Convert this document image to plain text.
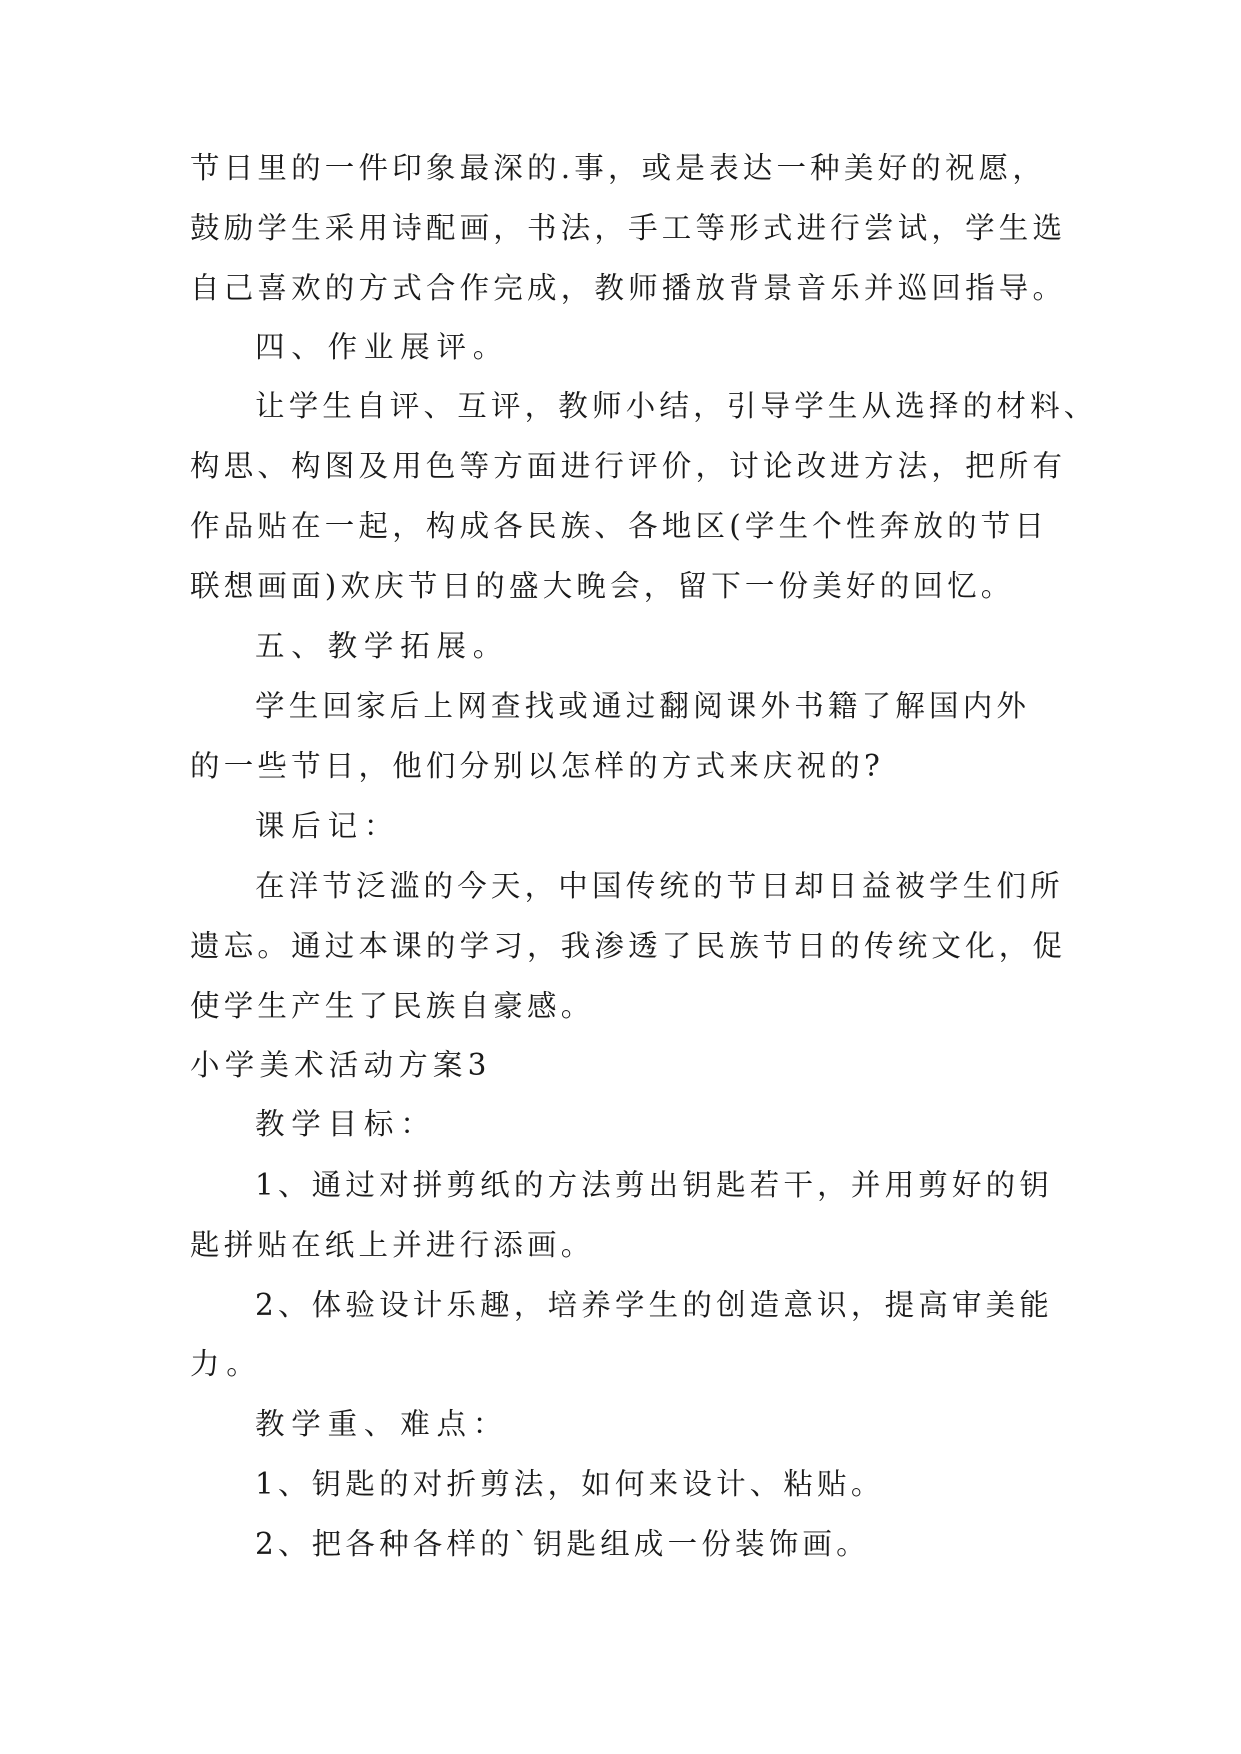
节日里的一件印象最深的.事，或是表达一种美好的祝愿，
鼓励学生采用诗配画，书法，手工等形式进行尝试，学生选
自己喜欢的方式合作完成，教师播放背景音乐并巡回指导。
四、作业展评。
让学生自评、互评，教师小结，引导学生从选择的材料、
构思、构图及用色等方面进行评价，讨论改进方法，把所有
作品贴在一起，构成各民族、各地区(学生个性奔放的节日
联想画面)欢庆节日的盛大晚会，留下一份美好的回忆。
五、教学拓展。
学生回家后上网查找或通过翻阅课外书籍了解国内外
的一些节日，他们分别以怎样的方式来庆祝的?
课后记：
在洋节泛滥的今天，中国传统的节日却日益被学生们所
遗忘。通过本课的学习，我渗透了民族节日的传统文化，促
使学生产生了民族自豪感。
小学美术活动方案3
教学目标：
1、通过对拼剪纸的方法剪出钥匙若干，并用剪好的钥
匙拼贴在纸上并进行添画。
2、体验设计乐趣，培养学生的创造意识，提高审美能
力。
教学重、难点：
1、钥匙的对折剪法，如何来设计、粘贴。
2、把各种各样的`钥匙组成一份装饰画。
